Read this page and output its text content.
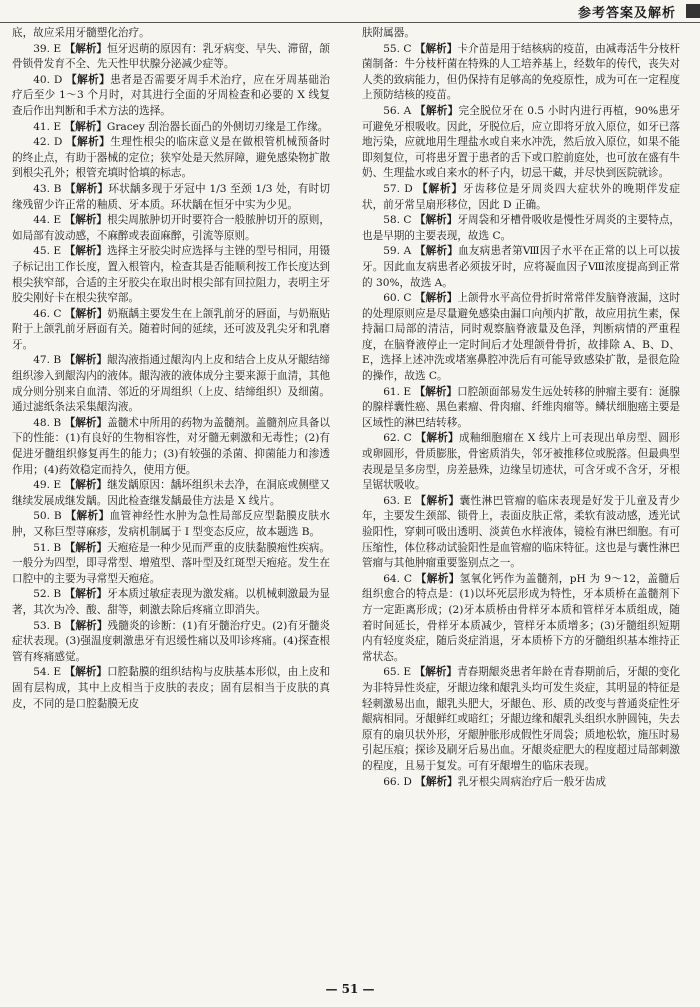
参考答案及解析

底，故应采用牙髓塑化治疗。

39. E 【解析】恒牙迟萌的原因有：乳牙病变、早失、滞留，颌骨锁骨发育不全、先天性甲状腺分泌减少症等。

40. D 【解析】患者是否需要牙周手术治疗，应在牙周基础治疗后至少 1～3 个月时，对其进行全面的牙周检查和必要的 X 线复查后作出判断和手术方法的选择。

41. E 【解析】Gracey 刮治器长面凸的外侧切刃缘是工作缘。

42. D 【解析】生理性根尖的临床意义是在做根管机械预备时的终止点，有助于器械的定位；狭窄处是天然屏障，避免感染物扩散到根尖孔外；根管充填时恰填的标志。

43. B 【解析】环状龋多现于牙冠中 1/3 至颈 1/3 处，有时切缘残留少许正常的釉质、牙本质。环状龋在恒牙中实为少见。

44. E 【解析】根尖周脓肿切开时要符合一般脓肿切开的原则，如局部有波动感，不麻醉或表面麻醉，引流等原则。

45. E 【解析】选择主牙胶尖时应选择与主锉的型号相同，用镊子标记出工作长度，置入根管内，检查其是否能顺利按工作长度达到根尖狭窄部，合适的主牙胶尖在取出时根尖部有回拉阻力，表明主牙胶尖刚好卡在根尖狭窄部。

46. C 【解析】奶瓶龋主要发生在上颌乳前牙的唇面，与奶瓶贴附于上颌乳前牙唇面有关。随着时间的延续，还可波及乳尖牙和乳磨牙。

47. B 【解析】龈沟液指通过龈沟内上皮和结合上皮从牙龈结缔组织渗入到龈沟内的液体。龈沟液的液体成分主要来源于血清，其他成分则分别来自血清、邻近的牙周组织（上皮、结缔组织）及细菌。通过滤纸条法采集龈沟液。

48. B 【解析】盖髓术中所用的药物为盖髓剂。盖髓剂应具备以下的性能：(1)有良好的生物相容性，对牙髓无刺激和无毒性；(2)有促进牙髓组织修复再生的能力；(3)有较强的杀菌、抑菌能力和渗透作用；(4)药效稳定而持久，使用方便。

49. E 【解析】继发龋原因：龋坏组织未去净，在洞底或侧壁又继续发展成继发龋。因此检查继发龋最佳方法是 X 线片。

50. B 【解析】血管神经性水肿为急性局部反应型黏膜皮肤水肿，又称巨型荨麻疹，发病机制属于 I 型变态反应，故本题选 B。

51. B 【解析】天疱疮是一种少见而严重的皮肤黏膜疱性疾病。一般分为四型，即寻常型、增殖型、落叶型及红斑型天疱疮。发生在口腔中的主要为寻常型天疱疮。

52. B 【解析】牙本质过敏症表现为激发痛。以机械刺激最为显著，其次为冷、酸、甜等，刺激去除后疼痛立即消失。

53. B 【解析】残髓炎的诊断：(1)有牙髓治疗史。(2)有牙髓炎症状表现。(3)强温度刺激患牙有迟缓性痛以及叩诊疼痛。(4)探查根管有疼痛感觉。

54. E 【解析】口腔黏膜的组织结构与皮肤基本形似，由上皮和固有层构成，其中上皮相当于皮肤的表皮；固有层相当于皮肤的真皮，不同的是口腔黏膜无皮

肤附属器。

55. C 【解析】卡介苗是用于结核病的疫苗，由减毒活牛分枝杆菌制备：牛分枝杆菌在特殊的人工培养基上，经数年的传代，丧失对人类的致病能力，但仍保持有足够高的免疫原性，成为可在一定程度上预防结核的疫苗。

56. A 【解析】完全脱位牙在 0.5 小时内进行再植，90%患牙可避免牙根吸收。因此，牙脱位后，应立即将牙放入原位，如牙已落地污染，应就地用生理盐水或自来水冲洗，然后放入原位，如果不能即刻复位，可将患牙置于患者的舌下或口腔前庭处，也可放在盛有牛奶、生理盐水或自来水的杯子内，切忌干藏，并尽快到医院就诊。

57. D 【解析】牙齿移位是牙周炎四大症状外的晚期伴发症状，前牙常呈扇形移位，因此 D 正确。

58. C 【解析】牙周袋和牙槽骨吸收是慢性牙周炎的主要特点，也是早期的主要表现，故选 C。

59. A 【解析】血友病患者第Ⅷ因子水平在正常的以上可以拔牙。因此血友病患者必须拔牙时，应将凝血因子Ⅷ浓度提高到正常的 30%，故选 A。

60. C 【解析】上颌骨水平高位骨折时常常伴发脑脊液漏，这时的处理原则应是尽量避免感染由漏口向颅内扩散，故应用抗生素，保持漏口局部的清洁，同时观察脑脊液量及色泽，判断病情的严重程度，在脑脊液停止一定时间后才处理颌骨骨折，故排除 A、B、D、E，选择上述冲洗或堵塞鼻腔冲洗后有可能导致感染扩散，是很危险的操作，故选 C。

61. E 【解析】口腔颌面部易发生远处转移的肿瘤主要有：涎腺的腺样囊性癌、黑色素瘤、骨肉瘤、纤维肉瘤等。鳞状细胞癌主要是区域性的淋巴结转移。

62. C 【解析】成釉细胞瘤在 X 线片上可表现出单房型、圆形或卵圆形，骨质膨胀，骨密质消失，邻牙被推移位或脱落。但最典型表现是呈多房型，房差悬殊，边缘呈切迹状，可含牙或不含牙，牙根呈锯状吸收。

63. E 【解析】囊性淋巴管瘤的临床表现是好发于儿童及青少年，主要发生颈部、锁骨上，表面皮肤正常，柔软有波动感，透光试验阳性，穿刺可吸出透明、淡黄色水样液体，镜检有淋巴细胞。有可压缩性，体位移动试验阳性是血管瘤的临床特征。这也是与囊性淋巴管瘤与其他肿瘤重要鉴别点之一。

64. C 【解析】氢氧化钙作为盖髓剂，pH 为 9～12，盖髓后组织愈合的特点是：(1)以坏死层形成为特性，牙本质桥在盖髓剂下方一定距离形成；(2)牙本质桥由骨样牙本质和管样牙本质组成，随着时间延长，骨样牙本质减少，管样牙本质增多；(3)牙髓组织短期内有轻度炎症，随后炎症消退，牙本质桥下方的牙髓组织基本维持正常状态。

65. E 【解析】青春期龈炎患者年龄在青春期前后，牙龈的变化为非特异性炎症，牙龈边缘和龈乳头均可发生炎症，其明显的特征是轻刺激易出血，龈乳头肥大，牙龈色、形、质的改变与普通炎症性牙龈病相同。牙龈鲜红或暗红；牙龈边缘和龈乳头组织水肿圆钝，失去原有的扇贝状外形，牙龈肿胀形成假性牙周袋；质地松软，施压时易引起压痕；探诊及刷牙后易出血。牙龈炎症肥大的程度超过局部刺激的程度，且易于复发。可有牙龈增生的临床表现。

66. D 【解析】乳牙根尖周病治疗后一般牙齿成

— 51 —
